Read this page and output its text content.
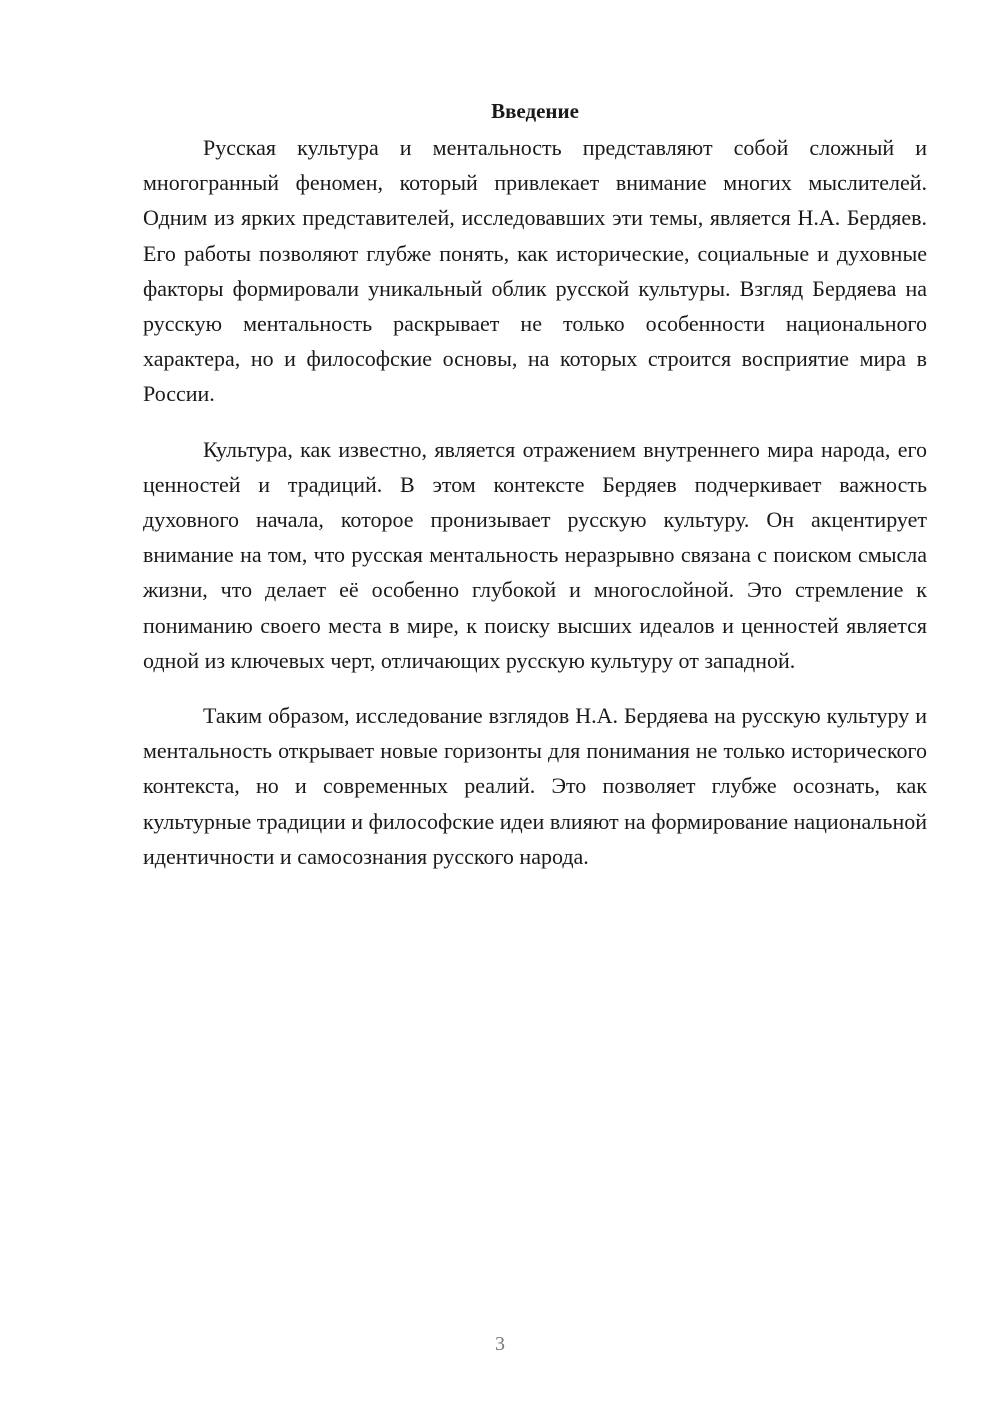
Введение

Русская культура и ментальность представляют собой сложный и многогранный феномен, который привлекает внимание многих мыслителей. Одним из ярких представителей, исследовавших эти темы, является Н.А. Бердяев. Его работы позволяют глубже понять, как исторические, социальные и духовные факторы формировали уникальный облик русской культуры. Взгляд Бердяева на русскую ментальность раскрывает не только особенности национального характера, но и философские основы, на которых строится восприятие мира в России.

Культура, как известно, является отражением внутреннего мира народа, его ценностей и традиций. В этом контексте Бердяев подчеркивает важность духовного начала, которое пронизывает русскую культуру. Он акцентирует внимание на том, что русская ментальность неразрывно связана с поиском смысла жизни, что делает её особенно глубокой и многослойной. Это стремление к пониманию своего места в мире, к поиску высших идеалов и ценностей является одной из ключевых черт, отличающих русскую культуру от западной.

Таким образом, исследование взглядов Н.А. Бердяева на русскую культуру и ментальность открывает новые горизонты для понимания не только исторического контекста, но и современных реалий. Это позволяет глубже осознать, как культурные традиции и философские идеи влияют на формирование национальной идентичности и самосознания русского народа.

3
